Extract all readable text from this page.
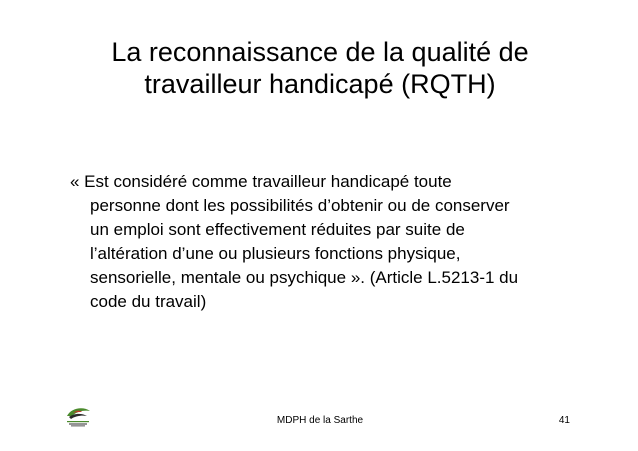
La reconnaissance de la qualité de
travailleur handicapé (RQTH)
« Est considéré comme travailleur handicapé toute
personne dont les possibilités d’obtenir ou de conserver
un emploi sont effectivement réduites par suite de
l’altération d’une ou plusieurs fonctions physique,
sensorielle, mentale ou psychique ». (Article L.5213-1 du
code du travail)
MDPH de la Sarthe	41
